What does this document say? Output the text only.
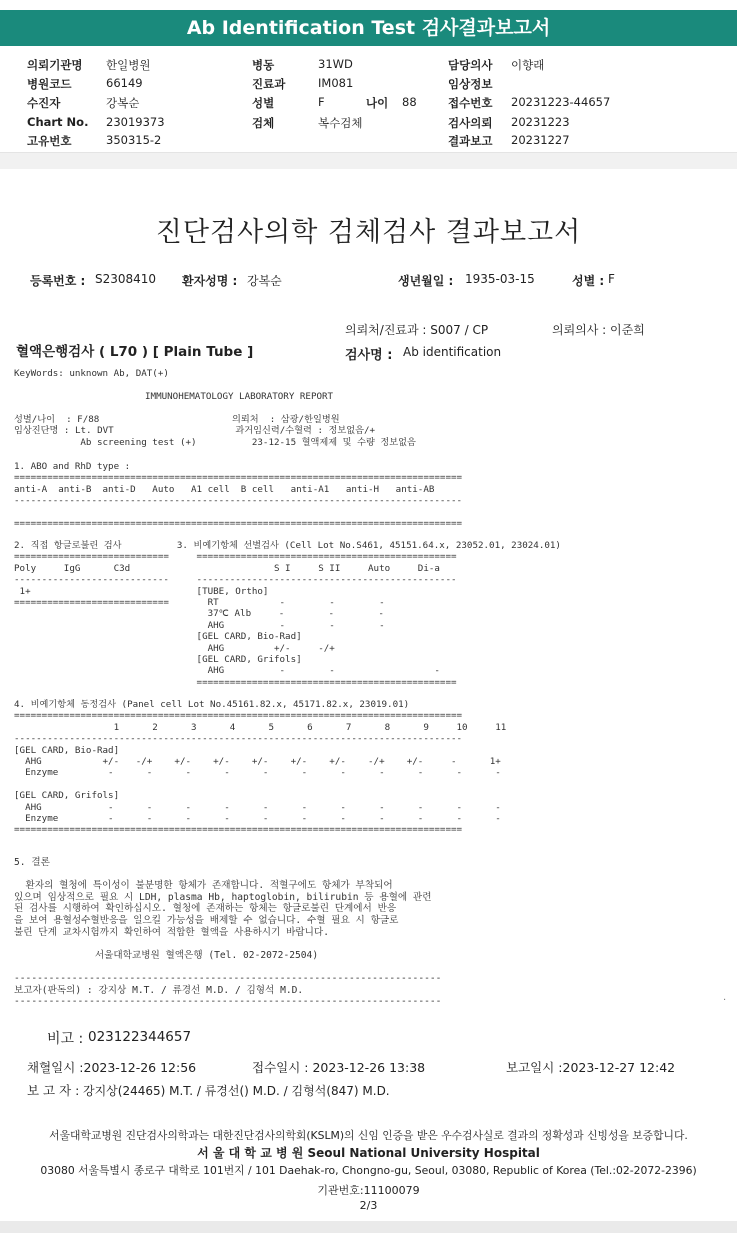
Ab Identification Test 검사결과보고서
의뢰기관명 한일병원
병원코드	66149
수진자	강복순
Chart No. 23019373
고유번호	350315-2
병동	31WD
진료과	IM081
성별	F	나이 88
검체	복수검체
담당의사 이향래
임상정보
접수번호 20231223-44657
검사의뢰 20231223
결과보고 20231227
진단검사의학 검체검사 결과보고서
등록번호 : S2308410 환자성명 : 강복순	생년월일 : 1935-03-15	성별 : F
의뢰처/진료과 : S007 / CP	의뢰의사 : 이준희
혈액은행검사 ( L70 ) [ Plain Tube ]	검사명 : Ab identification
KeyWords: unknown Ab, DAT(+)
IMMUNOHEMATOLOGY LABORATORY REPORT
성별/나이  : F/88                        의뢰처  : 삼광/한일병원
임상진단명 : Lt. DVT                      과거임신력/수혈력 : 정보없음/+
Ab screening test (+)          23-12-15 혈액제제 및 수량 정보없음
1. ABO and RhD type :
=================================================================================
anti-A  anti-B  anti-D   Auto   A1 cell  B cell   anti-A1   anti-H   anti-AB
---------------------------------------------------------------------------------

=================================================================================
2. 직접 항글로불린 검사          3. 비예기항체 선별검사 (Cell Lot No.S461, 45151.64.x, 23052.01, 23024.01)
============================     ===============================================
Poly     IgG      C3d                          S I     S II     Auto     Di-a
----------------------------     -----------------------------------------------
1+                              [TUBE, Ortho]
============================       RT           -        -        -
37℃ Alb     -        -        -
AHG          -        -        -
[GEL CARD, Bio-Rad]
AHG         +/-     -/+
[GEL CARD, Grifols]
AHG          -        -                  -
===============================================
4. 비예기항체 동정검사 (Panel cell Lot No.45161.82.x, 45171.82.x, 23019.01)
=================================================================================
1      2      3      4      5      6      7      8      9     10     11
---------------------------------------------------------------------------------
[GEL CARD, Bio-Rad]
AHG           +/-   -/+    +/-    +/-    +/-    +/-    +/-    -/+    +/-     -      1+
Enzyme         -      -      -      -      -      -      -      -      -      -      -

[GEL CARD, Grifols]
AHG            -      -      -      -      -      -      -      -      -      -      -
Enzyme         -      -      -      -      -      -      -      -      -      -      -
=================================================================================
5. 결론

환자의 혈청에 특이성이 불분명한 항체가 존재합니다. 적혈구에도 항체가 부착되어
있으며 임상적으로 필요 시 LDH, plasma Hb, haptoglobin, bilirubin 등 용혈에 관련
된 검사를 시행하여 확인하십시오. 혈청에 존재하는 항체는 항글로불린 단계에서 반응
을 보여 용혈성수혈반응을 일으킬 가능성을 배제할 수 없습니다. 수혈 필요 시 항글로
불린 단계 교차시험까지 확인하여 적합한 혈액을 사용하시기 바랍니다.

서울대학교병원 혈액은행 (Tel. 02-2072-2504)

--------------------------------------------------------------------------
보고자(판독의) : 강지상 M.T. / 류경선 M.D. / 김형석 M.D.
--------------------------------------------------------------------------	·
비고 : 023122344657
채혈일시 :2023-12-26 12:56	접수일시 : 2023-12-26 13:38	보고일시 :2023-12-27 12:42
보 고 자 : 강지상(24465) M.T. / 류경선() M.D. / 김형석(847) M.D.
서울대학교병원 진단검사의학과는 대한진단검사의학회(KSLM)의 신임 인증을 받은 우수검사실로 결과의 정확성과 신빙성을 보증합니다.
서 울 대 학 교 병 원 Seoul National University Hospital
03080 서울특별시 종로구 대학로 101번지 / 101 Daehak-ro, Chongno-gu, Seoul, 03080, Republic of Korea (Tel.:02-2072-2396)
기관번호:11100079
2/3
